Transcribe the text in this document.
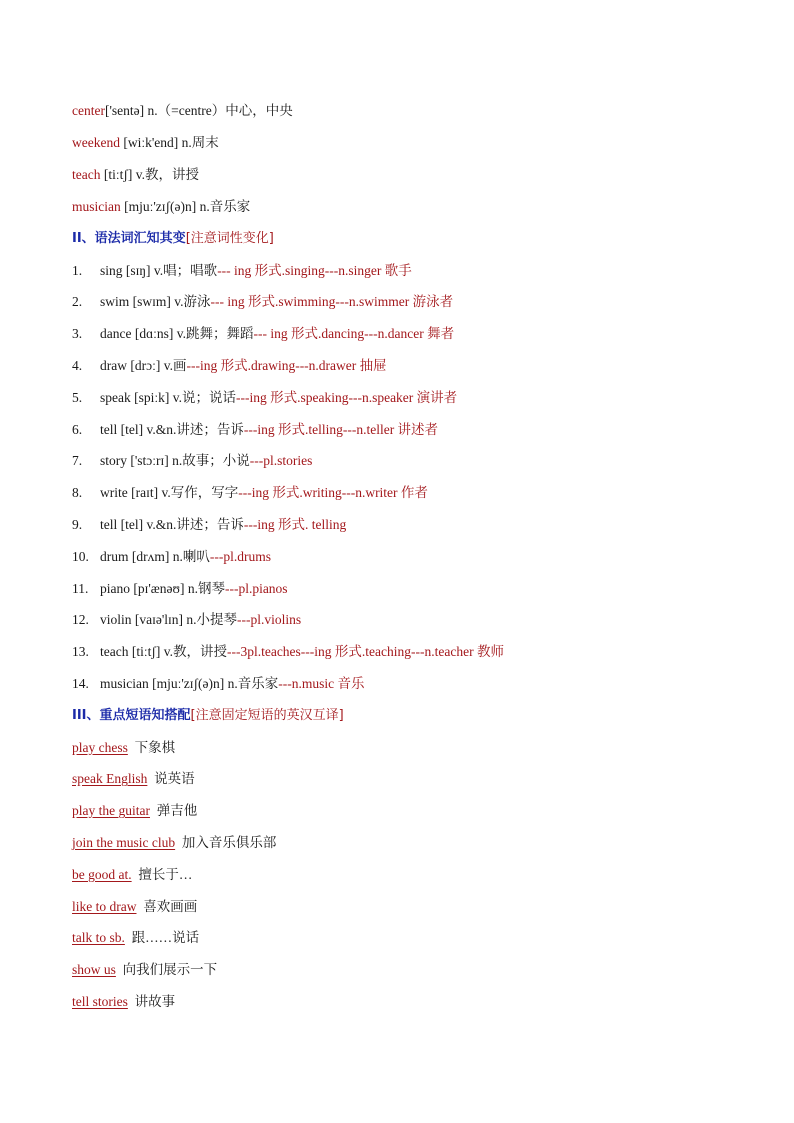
center['sentə] n.（=centre）中心，中央
weekend [wiːk'end] n.周末
teach [tiːtʃ] v.教，讲授
musician [mjuː'zɪʃ(ə)n] n.音乐家
II、语法词汇知其变[注意词性变化]
1. sing [sɪŋ] v.唱；唱歌--- ing 形式.singing---n.singer 歌手
2. swim [swɪm] v.游泳--- ing 形式.swimming---n.swimmer 游泳者
3. dance [dɑːns] v.跳舞；舞蹈--- ing 形式.dancing---n.dancer 舞者
4. draw [drɔː] v.画---ing 形式.drawing---n.drawer 抽屉
5. speak [spiːk] v.说；说话---ing 形式.speaking---n.speaker 演讲者
6. tell [tel] v.&n.讲述；告诉---ing 形式.telling---n.teller 讲述者
7. story ['stɔːrɪ] n.故事；小说---pl.stories
8. write [raɪt] v.写作，写字---ing 形式.writing---n.writer 作者
9. tell [tel] v.&n.讲述；告诉---ing 形式. telling
10. drum [drʌm] n.喇叭---pl.drums
11. piano [pɪ'ænəʊ] n.钢琴---pl.pianos
12. violin [vaɪə'lɪn] n.小提琴---pl.violins
13. teach [tiːtʃ] v.教，讲授---3pl.teaches---ing 形式.teaching---n.teacher 教师
14. musician [mjuː'zɪʃ(ə)n] n.音乐家---n.music 音乐
III、重点短语知搭配[注意固定短语的英汉互译]
play chess 下象棋
speak English 说英语
play the guitar 弹吉他
join the music club 加入音乐俱乐部
be good at. 擅长于…
like to draw 喜欢画画
talk to sb. 跟……说话
show us 向我们展示一下
tell stories 讲故事
